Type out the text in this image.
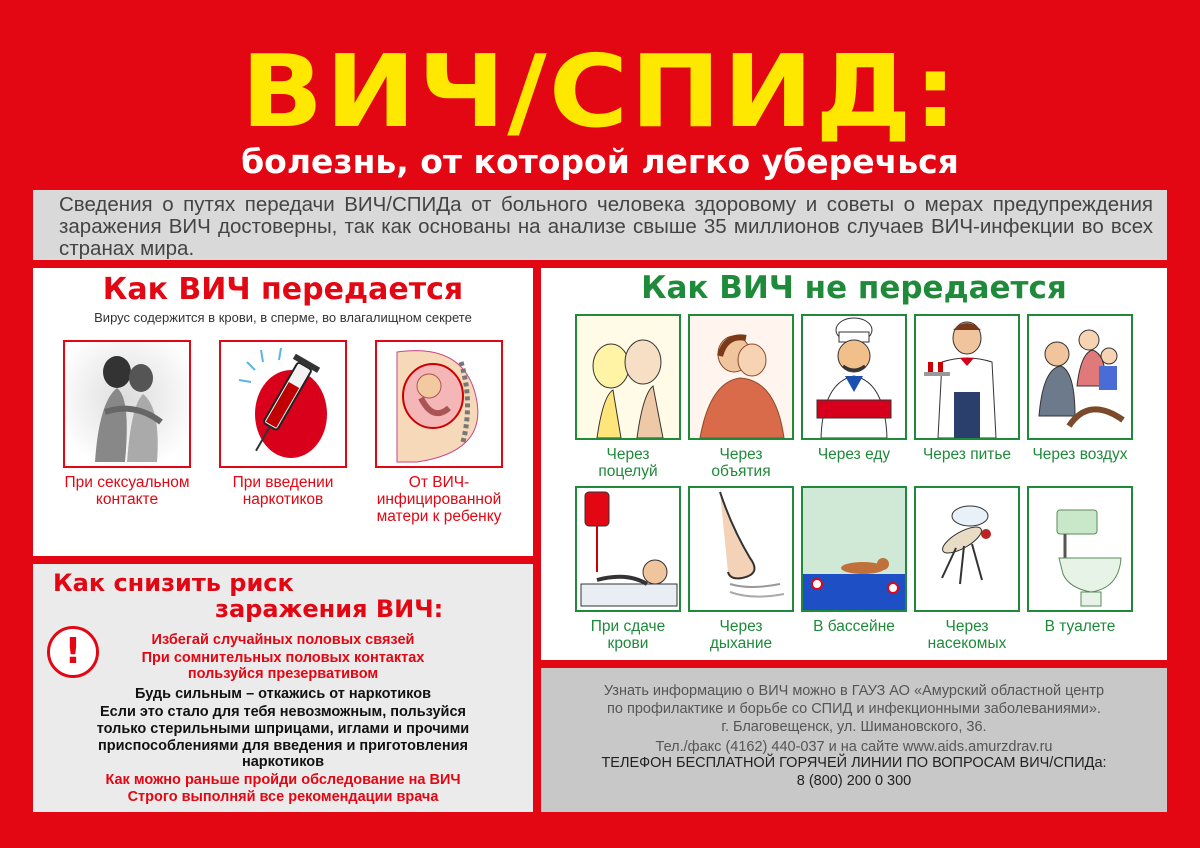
ВИЧ/СПИД:
болезнь, от которой легко уберечься
Сведения о путях передачи ВИЧ/СПИДа от больного человека здоровому и советы о мерах предупреждения заражения ВИЧ достоверны, так как основаны на анализе свыше 35 миллионов случаев ВИЧ-инфекции во всех странах мира.
Как ВИЧ передается
Вирус содержится в крови, в сперме, во влагалищном секрете
При сексуальном контакте
При введении наркотиков
От ВИЧ-инфицированной матери к ребенку
Как ВИЧ не передается
Через поцелуй
Через объятия
Через еду	Через питье	Через воздух
При сдаче крови
Через дыхание
В бассейне	Через насекомых
В туалете
Как снизить риск
заражения ВИЧ:
!	Избегай случайных половых связей
При сомнительных половых контактах
пользуйся презервативом
Будь сильным – откажись от наркотиков
Если это стало для тебя невозможным, пользуйся
только стерильными шприцами, иглами и прочими
приспособлениями для введения и приготовления
наркотиков
Как можно раньше пройди обследование на ВИЧ
Строго выполняй все рекомендации врача
Узнать информацию о ВИЧ можно в ГАУЗ АО «Амурский областной центр
по профилактике и борьбе со СПИД и инфекционными заболеваниями».
г. Благовещенск, ул. Шимановского, 36.
Тел./факс (4162) 440-037 и на сайте www.aids.amurzdrav.ru
ТЕЛЕФОН БЕСПЛАТНОЙ ГОРЯЧЕЙ ЛИНИИ ПО ВОПРОСАМ ВИЧ/СПИДа:
8 (800) 200 0 300
